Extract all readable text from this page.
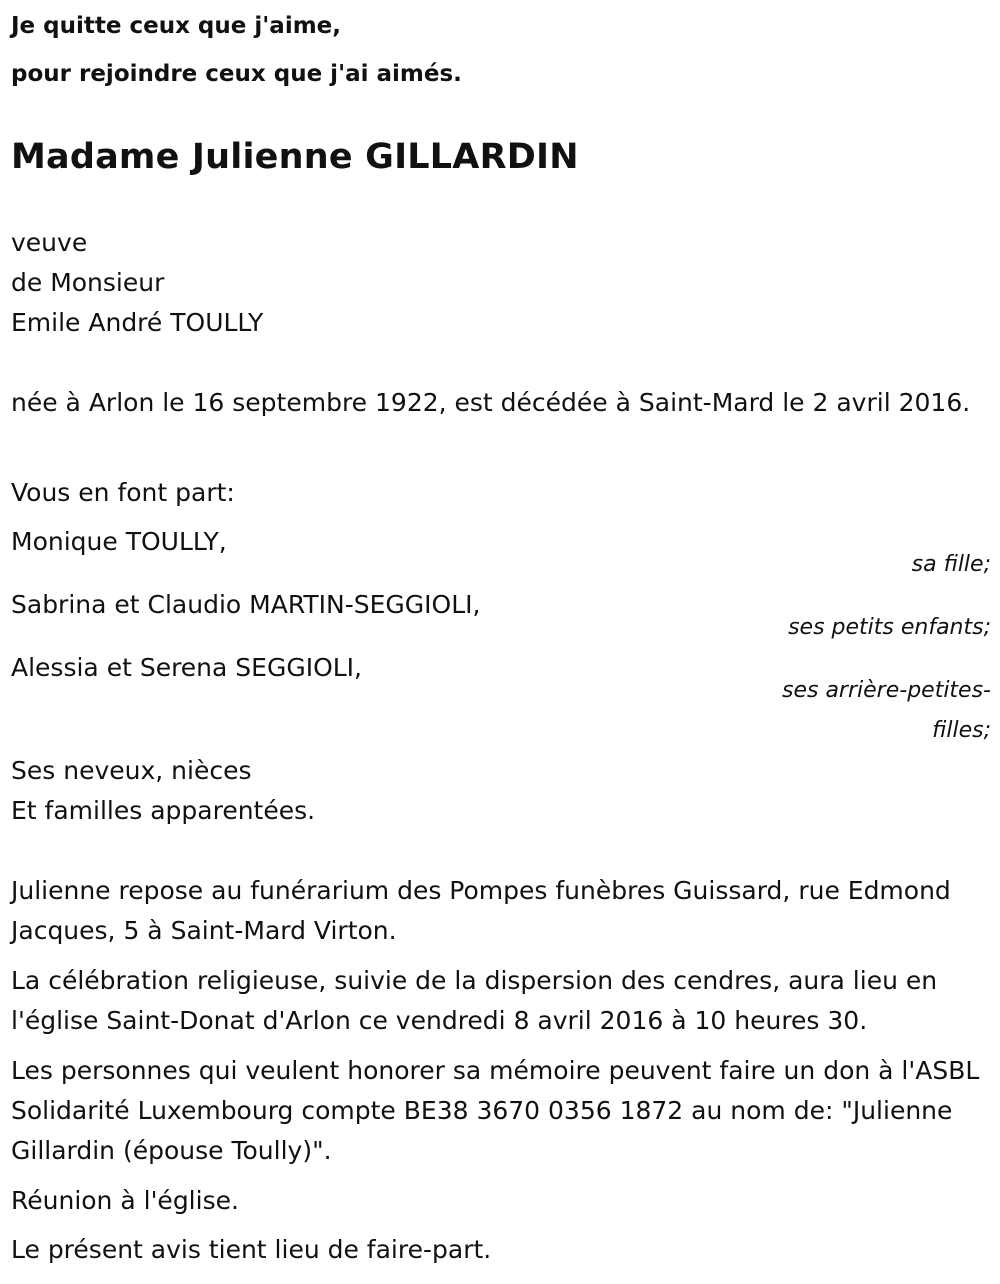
Je quitte ceux que j'aime,

pour rejoindre ceux que j'ai aimés.

Madame Julienne GILLARDIN

veuve

de Monsieur

Emile André TOULLY

née à Arlon le 16 septembre 1922, est décédée à Saint-Mard le 2 avril 2016.

Vous en font part:

Monique TOULLY,

sa fille;

Sabrina et Claudio MARTIN-SEGGIOLI,

ses petits enfants;

Alessia et Serena SEGGIOLI,

ses arrière-petites-
filles;

Ses neveux, nièces

Et familles apparentées.

Julienne repose au funérarium des Pompes funèbres Guissard, rue Edmond Jacques, 5 à Saint-Mard Virton.

La célébration religieuse, suivie de la dispersion des cendres, aura lieu en l'église Saint-Donat d'Arlon ce vendredi 8 avril 2016 à 10 heures 30.

Les personnes qui veulent honorer sa mémoire peuvent faire un don à l'ASBL Solidarité Luxembourg compte BE38 3670 0356 1872 au nom de: "Julienne Gillardin (épouse Toully)".

Réunion à l'église.

Le présent avis tient lieu de faire-part.
